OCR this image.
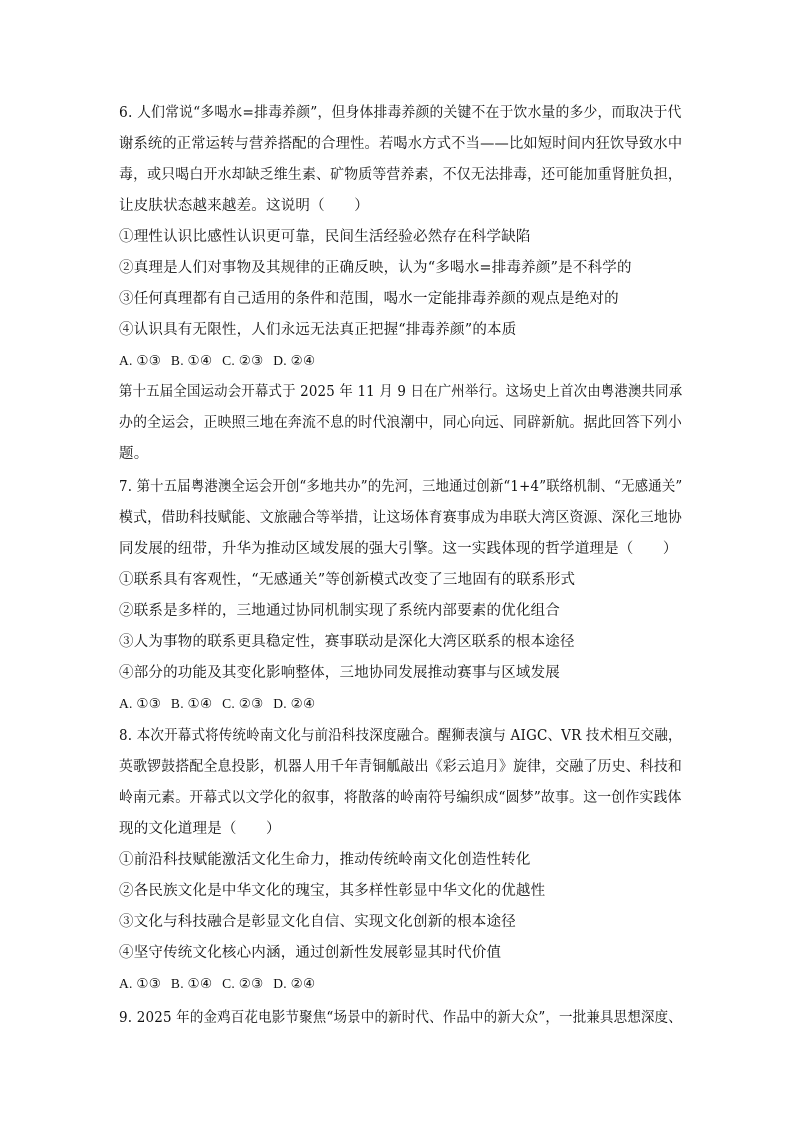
6. 人们常说“多喝水=排毒养颜”，但身体排毒养颜的关键不在于饮水量的多少，而取决于代
谢系统的正常运转与营养搭配的合理性。若喝水方式不当——比如短时间内狂饮导致水中
毒，或只喝白开水却缺乏维生素、矿物质等营养素，不仅无法排毒，还可能加重肾脏负担，
让皮肤状态越来越差。这说明（　　）
①理性认识比感性认识更可靠，民间生活经验必然存在科学缺陷
②真理是人们对事物及其规律的正确反映，认为“多喝水=排毒养颜”是不科学的
③任何真理都有自己适用的条件和范围，喝水一定能排毒养颜的观点是绝对的
④认识具有无限性，人们永远无法真正把握“排毒养颜”的本质
A. ①③ B. ①④ C. ②③ D. ②④
第十五届全国运动会开幕式于 2025 年 11 月 9 日在广州举行。这场史上首次由粤港澳共同承
办的全运会，正映照三地在奔流不息的时代浪潮中，同心向远、同辟新航。据此回答下列小
题。
7. 第十五届粤港澳全运会开创“多地共办”的先河，三地通过创新“1+4”联络机制、“无感通关”
模式，借助科技赋能、文旅融合等举措，让这场体育赛事成为串联大湾区资源、深化三地协
同发展的纽带，升华为推动区域发展的强大引擎。这一实践体现的哲学道理是（　　）
①联系具有客观性，“无感通关”等创新模式改变了三地固有的联系形式
②联系是多样的，三地通过协同机制实现了系统内部要素的优化组合
③人为事物的联系更具稳定性，赛事联动是深化大湾区联系的根本途径
④部分的功能及其变化影响整体，三地协同发展推动赛事与区域发展
A. ①③ B. ①④ C. ②③ D. ②④
8. 本次开幕式将传统岭南文化与前沿科技深度融合。醒狮表演与 AIGC、VR 技术相互交融，
英歌锣鼓搭配全息投影，机器人用千年青铜觚敲出《彩云追月》旋律，交融了历史、科技和
岭南元素。开幕式以文学化的叙事，将散落的岭南符号编织成“圆梦”故事。这一创作实践体
现的文化道理是（　　）
①前沿科技赋能激活文化生命力，推动传统岭南文化创造性转化
②各民族文化是中华文化的瑰宝，其多样性彰显中华文化的优越性
③文化与科技融合是彰显文化自信、实现文化创新的根本途径
④坚守传统文化核心内涵，通过创新性发展彰显其时代价值
A. ①③ B. ①④ C. ②③ D. ②④
9. 2025 年的金鸡百花电影节聚焦“场景中的新时代、作品中的新大众”，一批兼具思想深度、
